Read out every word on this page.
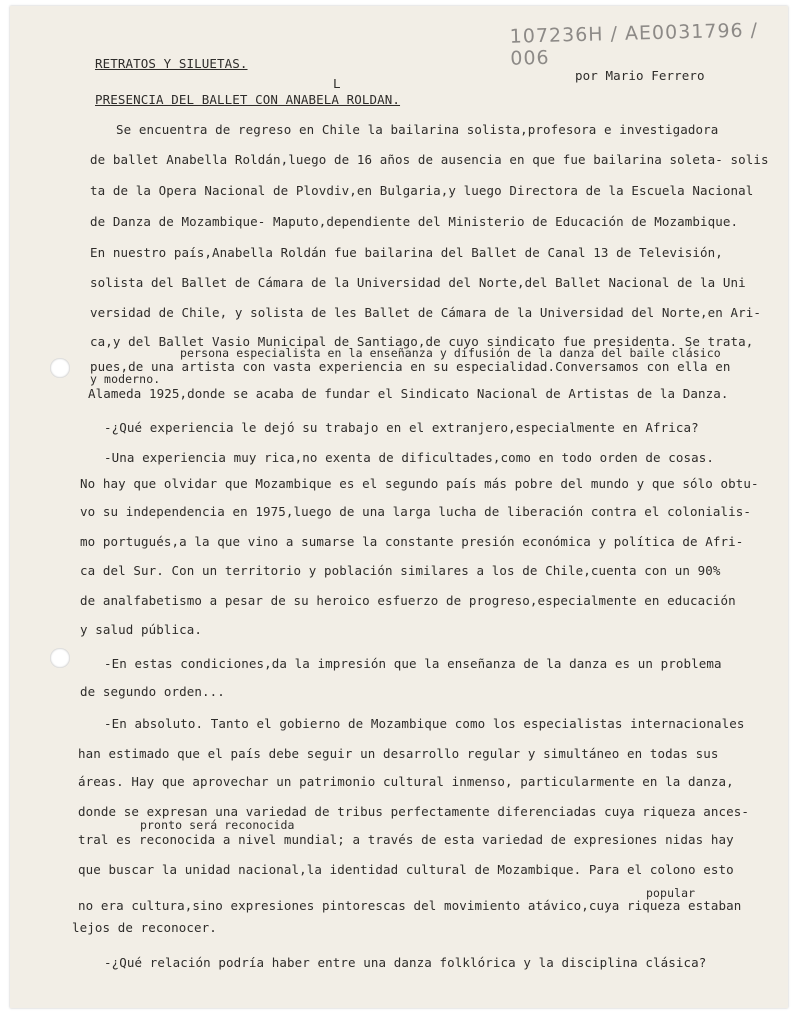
107236H / AE0031796 / 006
RETRATOS Y SILUETAS.
L
PRESENCIA DEL BALLET CON ANABELA ROLDAN.
por Mario Ferrero
Se encuentra de regreso en Chile la bailarina solista,profesora e investigadora
de ballet Anabella Roldán,luego de 16 años de ausencia en que fue bailarina soleta- solis
ta de la Opera Nacional de Plovdiv,en Bulgaria,y luego Directora de la Escuela Nacional
de Danza de Mozambique- Maputo,dependiente del Ministerio de Educación de Mozambique.
En nuestro país,Anabella Roldán fue bailarina del Ballet de Canal 13 de Televisión,
solista del Ballet de Cámara de la Universidad del Norte,del Ballet Nacional de la Uni
versidad de Chile, y solista de les Ballet de Cámara de la Universidad del Norte,en Ari-
ca,y del Ballet Vasio Municipal de Santiago,de cuyo sindicato fue presidenta. Se trata,
persona especialista en la enseñanza y difusión de la danza del baile clásico
pues,de una artista con vasta experiencia en su especialidad.Conversamos con ella en
y moderno.
Alameda 1925,donde se acaba de fundar el Sindicato Nacional de Artistas de la Danza.
-¿Qué experiencia le dejó su trabajo en el extranjero,especialmente en Africa?
-Una experiencia muy rica,no exenta de dificultades,como en todo orden de cosas.
No hay que olvidar que Mozambique es el segundo país más pobre del mundo y que sólo obtu-
vo su independencia en 1975,luego de una larga lucha de liberación contra el colonialis-
mo portugués,a la que vino a sumarse la constante presión económica y política de Afri-
ca del Sur. Con un territorio y población similares a los de Chile,cuenta con un 90%
de analfabetismo a pesar de su heroico esfuerzo de progreso,especialmente en educación
y salud pública.
-En estas condiciones,da la impresión que la enseñanza de la danza es un problema
de segundo orden...
-En absoluto. Tanto el gobierno de Mozambique como los especialistas internacionales
han estimado que el país debe seguir un desarrollo regular y simultáneo en todas sus
áreas. Hay que aprovechar un patrimonio cultural inmenso, particularmente en la danza,
donde se expresan una variedad de tribus perfectamente diferenciadas cuya riqueza ances-
pronto será reconocida
tral es reconocida a nivel mundial; a través de esta variedad de expresiones nidas hay
que buscar la unidad nacional,la identidad cultural de Mozambique. Para el colono esto
popular
no era cultura,sino expresiones pintorescas del movimiento atávico,cuya riqueza estaban
lejos de reconocer.
-¿Qué relación podría haber entre una danza folklórica y la disciplina clásica?
